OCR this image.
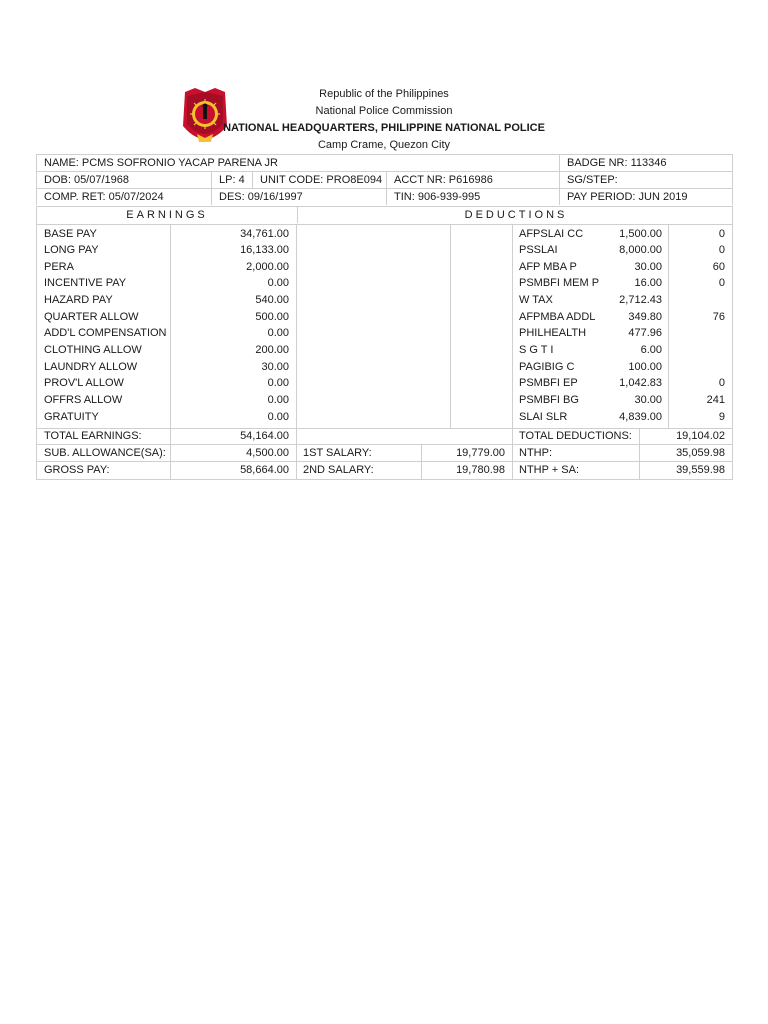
Republic of the Philippines
National Police Commission
NATIONAL HEADQUARTERS, PHILIPPINE NATIONAL POLICE
Camp Crame, Quezon City
NAME: PCMS SOFRONIO YACAP PARENA JR	BADGE NR: 113346
DOB: 05/07/1968	LP: 4	UNIT CODE: PRO8E094	ACCT NR: P616986	SG/STEP:
COMP. RET: 05/07/2024	DES: 09/16/1997	TIN: 906-939-995	PAY PERIOD: JUN 2019
EARNINGS	DEDUCTIONS
BASE PAY	34,761.00
LONG PAY	16,133.00
PERA	2,000.00
INCENTIVE PAY	0.00
HAZARD PAY	540.00
QUARTER ALLOW	500.00
ADD'L COMPENSATION	0.00
CLOTHING ALLOW	200.00
LAUNDRY ALLOW	30.00
PROV'L ALLOW	0.00
OFFRS ALLOW	0.00
GRATUITY	0.00
AFPSLAI CC	1,500.00	0
PSSLAI	8,000.00	0
AFP MBA P	30.00	60
PSMBFI MEM P	16.00	0
W TAX	2,712.43
AFPMBA ADDL	349.80	76
PHILHEALTH	477.96
S G T I	6.00
PAGIBIG C	100.00
PSMBFI EP	1,042.83	0
PSMBFI BG	30.00	241
SLAI SLR	4,839.00	9
TOTAL EARNINGS:	54,164.00	TOTAL DEDUCTIONS:	19,104.02
SUB. ALLOWANCE(SA):	4,500.00 1ST SALARY:	19,779.00 NTHP:	35,059.98
GROSS PAY:	58,664.00 2ND SALARY:	19,780.98 NTHP + SA:	39,559.98
